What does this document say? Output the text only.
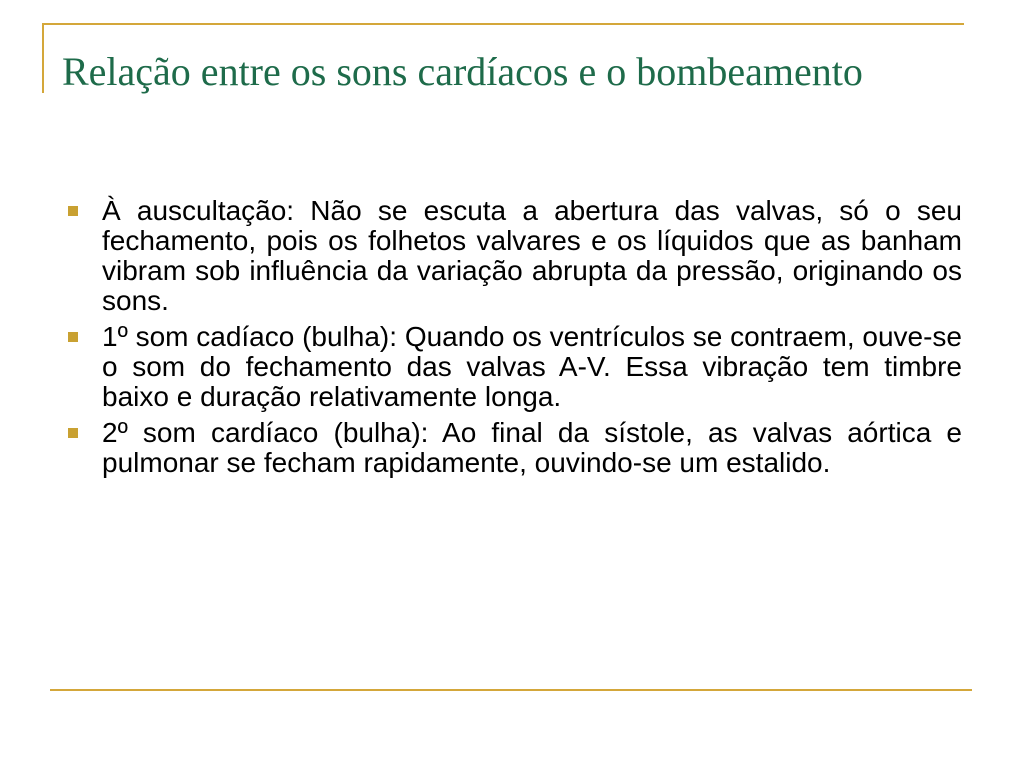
Relação entre os sons cardíacos e o bombeamento
À auscultação: Não se escuta a abertura das valvas, só o seu fechamento, pois os folhetos valvares e os líquidos que as banham vibram sob influência da variação abrupta da pressão, originando os sons.
1º som cadíaco (bulha): Quando os ventrículos se contraem, ouve-se o som do fechamento das valvas A-V. Essa vibração tem timbre baixo e duração relativamente longa.
2º som cardíaco (bulha): Ao final da sístole, as valvas aórtica e pulmonar se fecham rapidamente, ouvindo-se um estalido.
